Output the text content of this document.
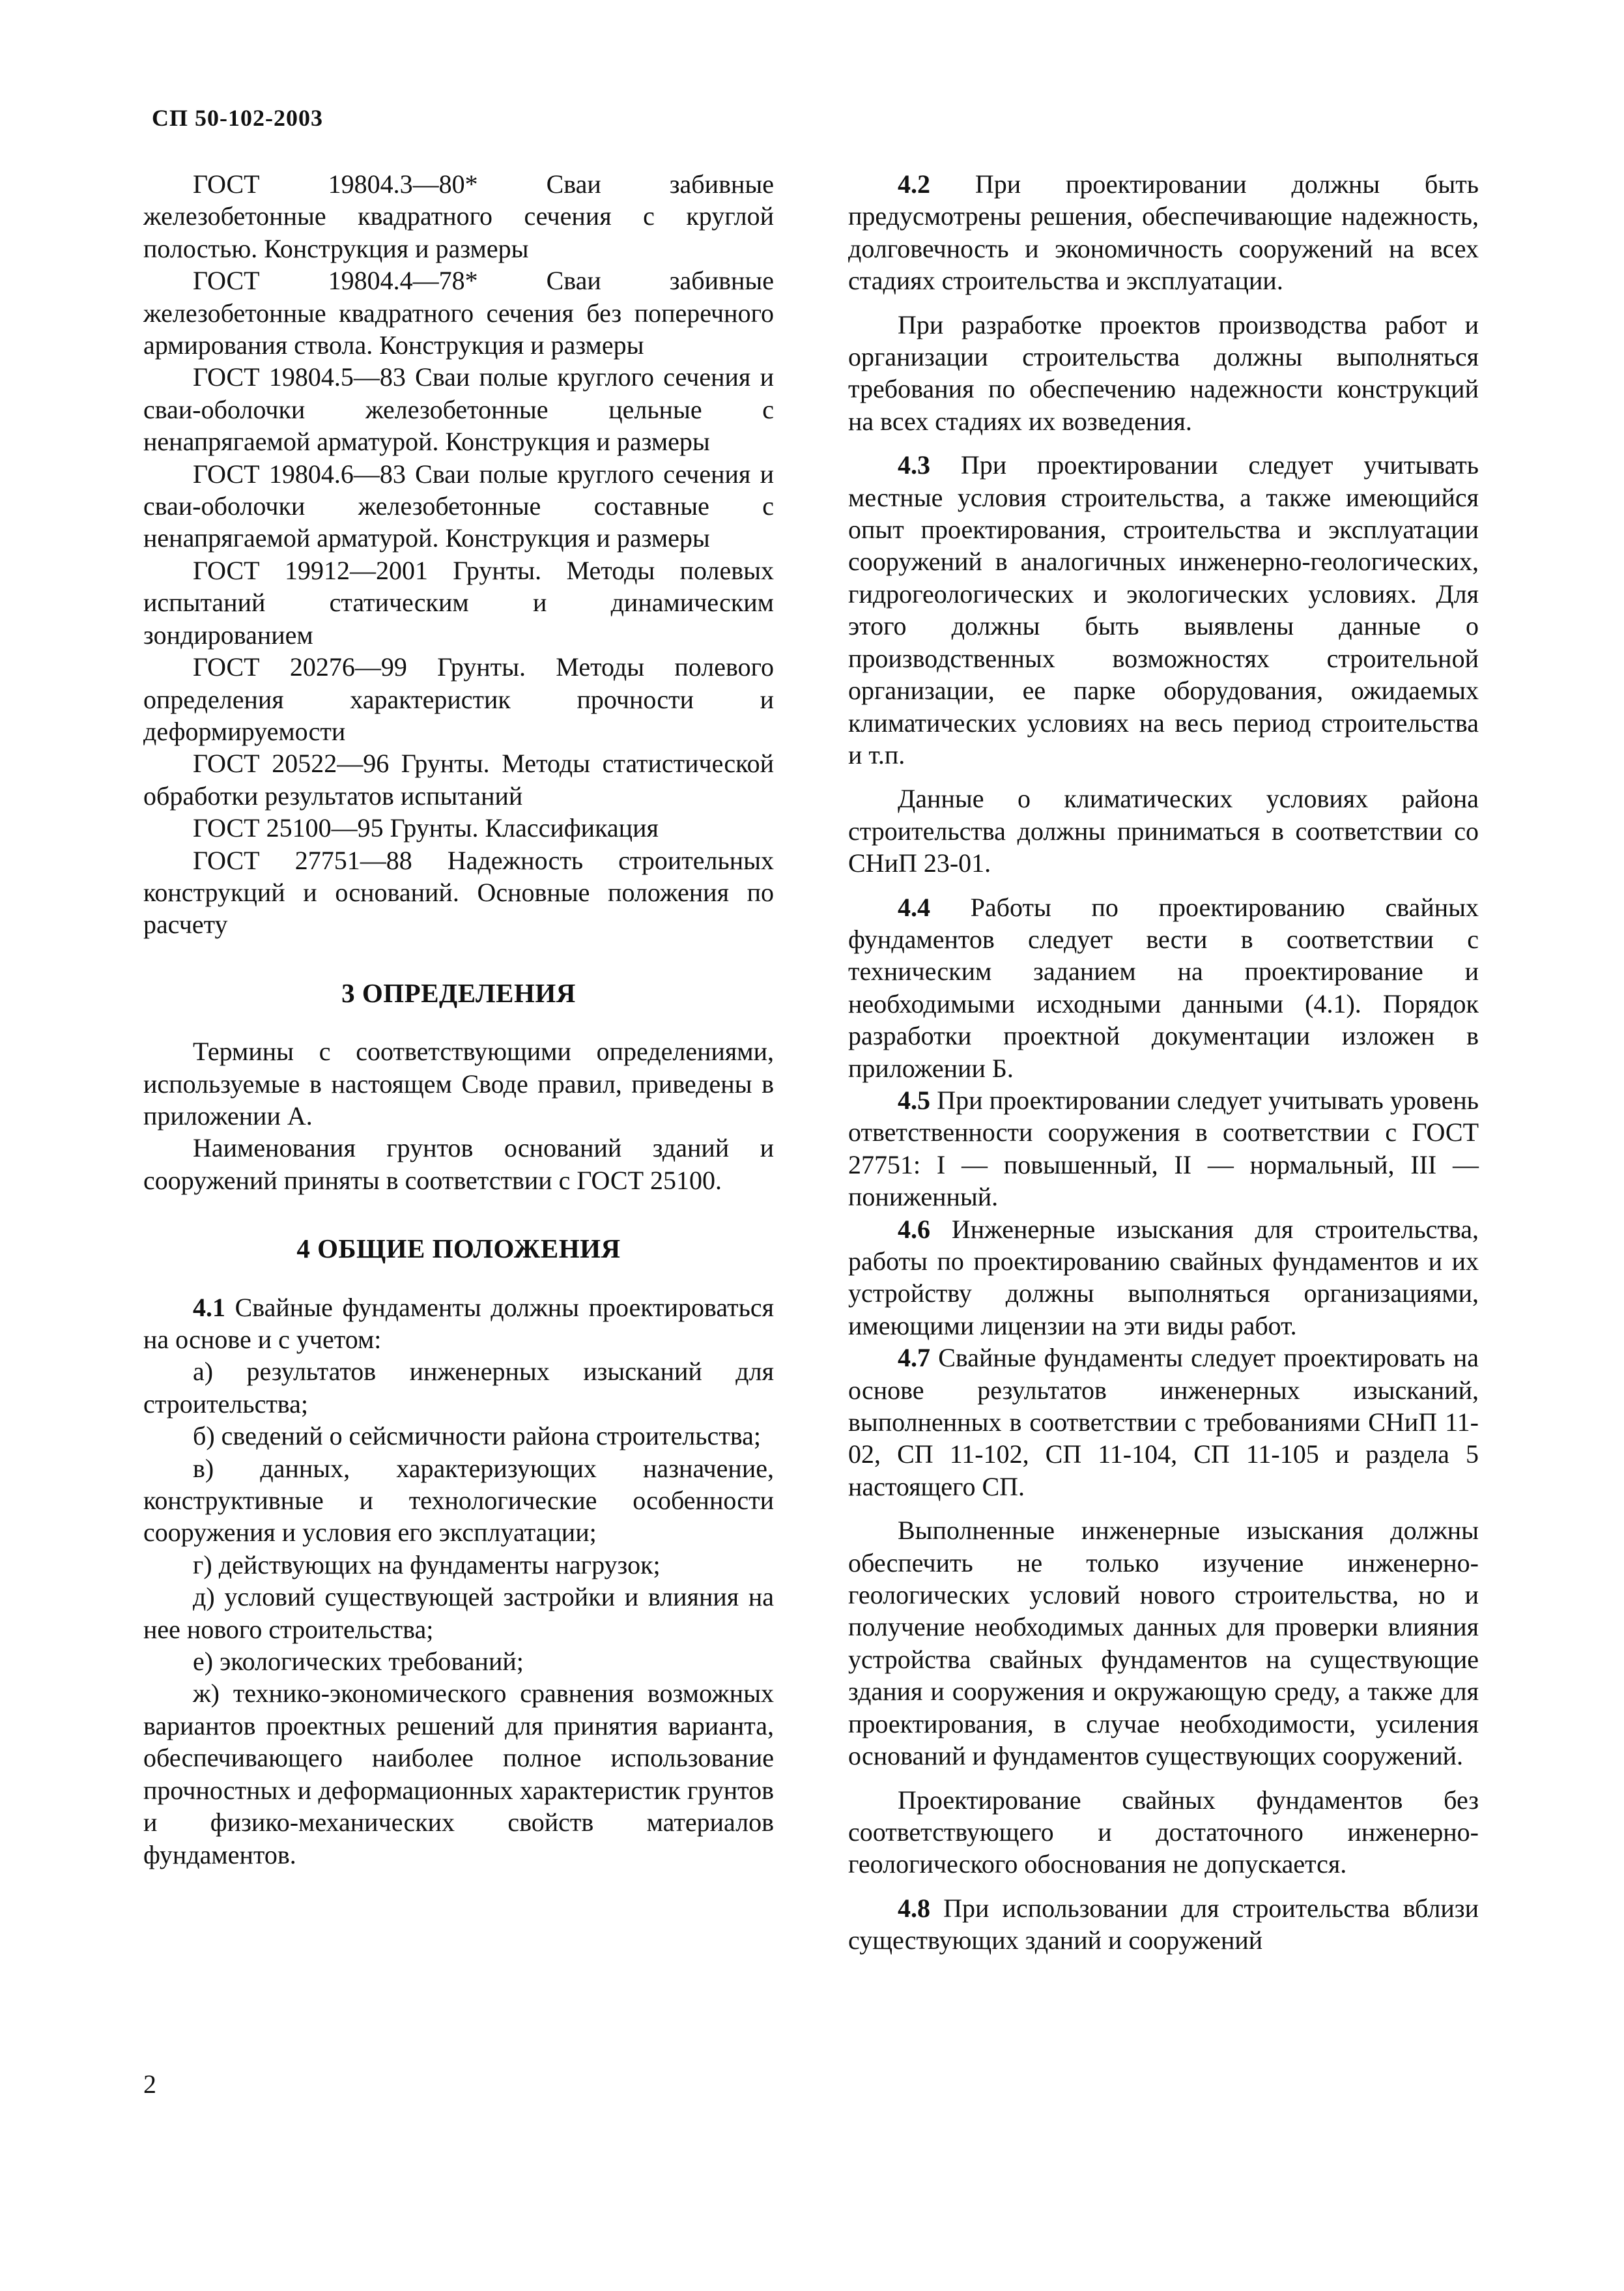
СП 50-102-2003

ГОСТ 19804.3—80* Сваи забивные железобетонные квадратного сечения с круглой полостью. Конструкция и размеры

ГОСТ 19804.4—78* Сваи забивные железобетонные квадратного сечения без поперечного армирования ствола. Конструкция и размеры

ГОСТ 19804.5—83 Сваи полые круглого сечения и сваи-оболочки железобетонные цельные с ненапрягаемой арматурой. Конструкция и размеры

ГОСТ 19804.6—83 Сваи полые круглого сечения и сваи-оболочки железобетонные составные с ненапрягаемой арматурой. Конструкция и размеры

ГОСТ 19912—2001 Грунты. Методы полевых испытаний статическим и динамическим зондированием

ГОСТ 20276—99 Грунты. Методы полевого определения характеристик прочности и деформируемости

ГОСТ 20522—96 Грунты. Методы статистической обработки результатов испытаний

ГОСТ 25100—95 Грунты. Классификация

ГОСТ 27751—88 Надежность строительных конструкций и оснований. Основные положения по расчету

3 ОПРЕДЕЛЕНИЯ

Термины с соответствующими определениями, используемые в настоящем Своде правил, приведены в приложении А.

Наименования грунтов оснований зданий и сооружений приняты в соответствии с ГОСТ 25100.

4 ОБЩИЕ ПОЛОЖЕНИЯ

4.1 Свайные фундаменты должны проектироваться на основе и с учетом:

а) результатов инженерных изысканий для строительства;

б) сведений о сейсмичности района строительства;

в) данных, характеризующих назначение, конструктивные и технологические особенности сооружения и условия его эксплуатации;

г) действующих на фундаменты нагрузок;

д) условий существующей застройки и влияния на нее нового строительства;

е) экологических требований;

ж) технико-экономического сравнения возможных вариантов проектных решений для принятия варианта, обеспечивающего наиболее полное использование прочностных и деформационных характеристик грунтов и физико-механических свойств материалов фундаментов.

4.2 При проектировании должны быть предусмотрены решения, обеспечивающие надежность, долговечность и экономичность сооружений на всех стадиях строительства и эксплуатации.

При разработке проектов производства работ и организации строительства должны выполняться требования по обеспечению надежности конструкций на всех стадиях их возведения.

4.3 При проектировании следует учитывать местные условия строительства, а также имеющийся опыт проектирования, строительства и эксплуатации сооружений в аналогичных инженерно-геологических, гидрогеологических и экологических условиях. Для этого должны быть выявлены данные о производственных возможностях строительной организации, ее парке оборудования, ожидаемых климатических условиях на весь период строительства и т.п.

Данные о климатических условиях района строительства должны приниматься в соответствии со СНиП 23-01.

4.4 Работы по проектированию свайных фундаментов следует вести в соответствии с техническим заданием на проектирование и необходимыми исходными данными (4.1). Порядок разработки проектной документации изложен в приложении Б.

4.5 При проектировании следует учитывать уровень ответственности сооружения в соответствии с ГОСТ 27751: I — повышенный, II — нормальный, III — пониженный.

4.6 Инженерные изыскания для строительства, работы по проектированию свайных фундаментов и их устройству должны выполняться организациями, имеющими лицензии на эти виды работ.

4.7 Свайные фундаменты следует проектировать на основе результатов инженерных изысканий, выполненных в соответствии с требованиями СНиП 11-02, СП 11-102, СП 11-104, СП 11-105 и раздела 5 настоящего СП.

Выполненные инженерные изыскания должны обеспечить не только изучение инженерно-геологических условий нового строительства, но и получение необходимых данных для проверки влияния устройства свайных фундаментов на существующие здания и сооружения и окружающую среду, а также для проектирования, в случае необходимости, усиления оснований и фундаментов существующих сооружений.

Проектирование свайных фундаментов без соответствующего и достаточного инженерно-геологического обоснования не допускается.

4.8 При использовании для строительства вблизи существующих зданий и сооружений

2
